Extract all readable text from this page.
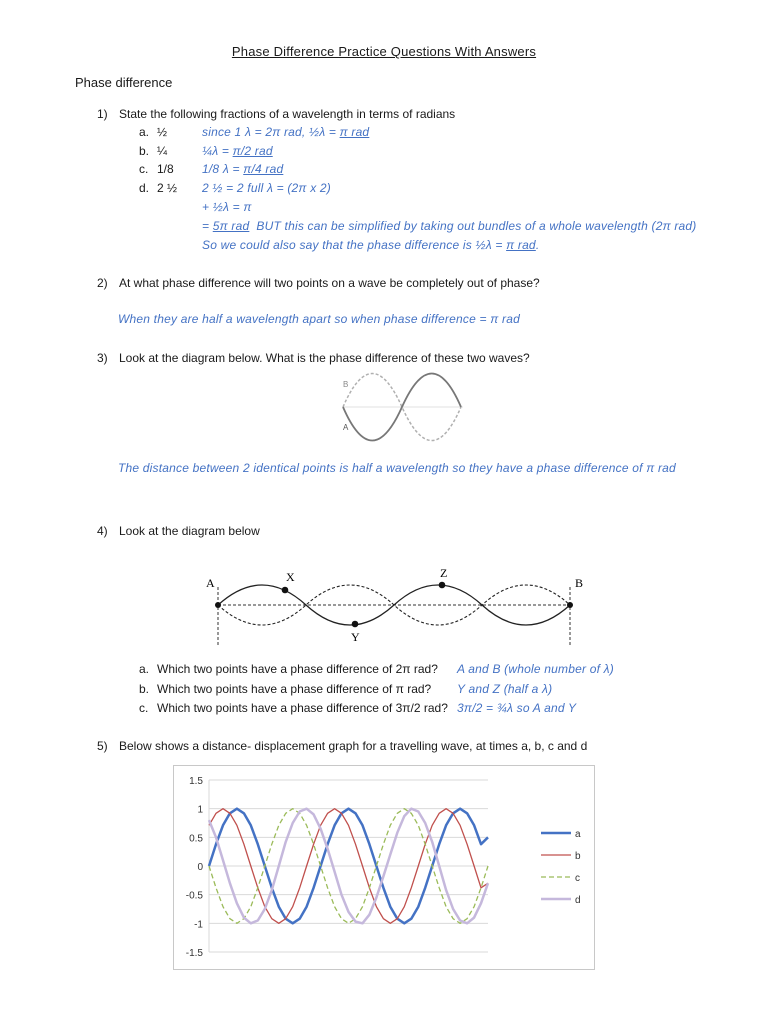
Phase Difference Practice Questions With Answers
Phase difference
1) State the following fractions of a wavelength in terms of radians
a. ½
b. ¼
c. 1/8
d. 2 ½
since 1 λ = 2π rad, ½λ = π rad
¼λ = π/2 rad
1/8 λ = π/4 rad
2 ½ = 2 full λ = (2π x 2)
+ ½λ = π
= 5π rad  BUT this can be simplified by taking out bundles of a whole wavelength (2π rad)
So we could also say that the phase difference is ½λ = π rad.
2) At what phase difference will two points on a wave be completely out of phase?
When they are half a wavelength apart so when phase difference = π rad
3) Look at the diagram below. What is the phase difference of these two waves?
B
A
The distance between 2 identical points is half a wavelength so they have a phase difference of π rad
4) Look at the diagram below
A	B
X
Y
Z
a. Which two points have a phase difference of 2π rad?
b. Which two points have a phase difference of π rad?
c. Which two points have a phase difference of 3π/2 rad?
A and B (whole number of λ)
Y and Z (half a λ)
3π/2 = ¾λ so A and Y
5) Below shows a distance- displacement graph for a travelling wave, at times a, b, c and d
1.5
1
0.5
0
-0.5
-1
-1.5
a
b
c
d
